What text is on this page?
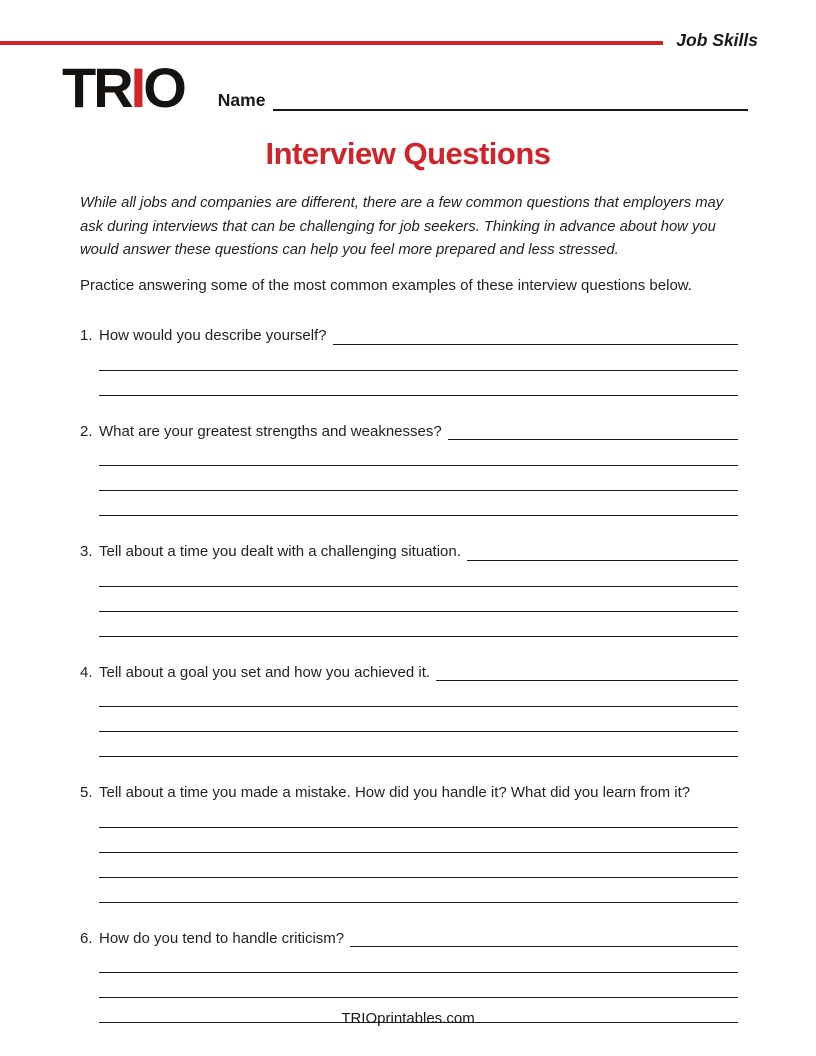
Job Skills
TRIO Name
Interview Questions

While all jobs and companies are different, there are a few common questions that employers may ask during interviews that can be challenging for job seekers. Thinking in advance about how you would answer these questions can help you feel more prepared and less stressed.

Practice answering some of the most common examples of these interview questions below.

1. How would you describe yourself?
2. What are your greatest strengths and weaknesses?
3. Tell about a time you dealt with a challenging situation.
4. Tell about a goal you set and how you achieved it.
5. Tell about a time you made a mistake. How did you handle it? What did you learn from it?
6. How do you tend to handle criticism?
TRIOprintables.com
